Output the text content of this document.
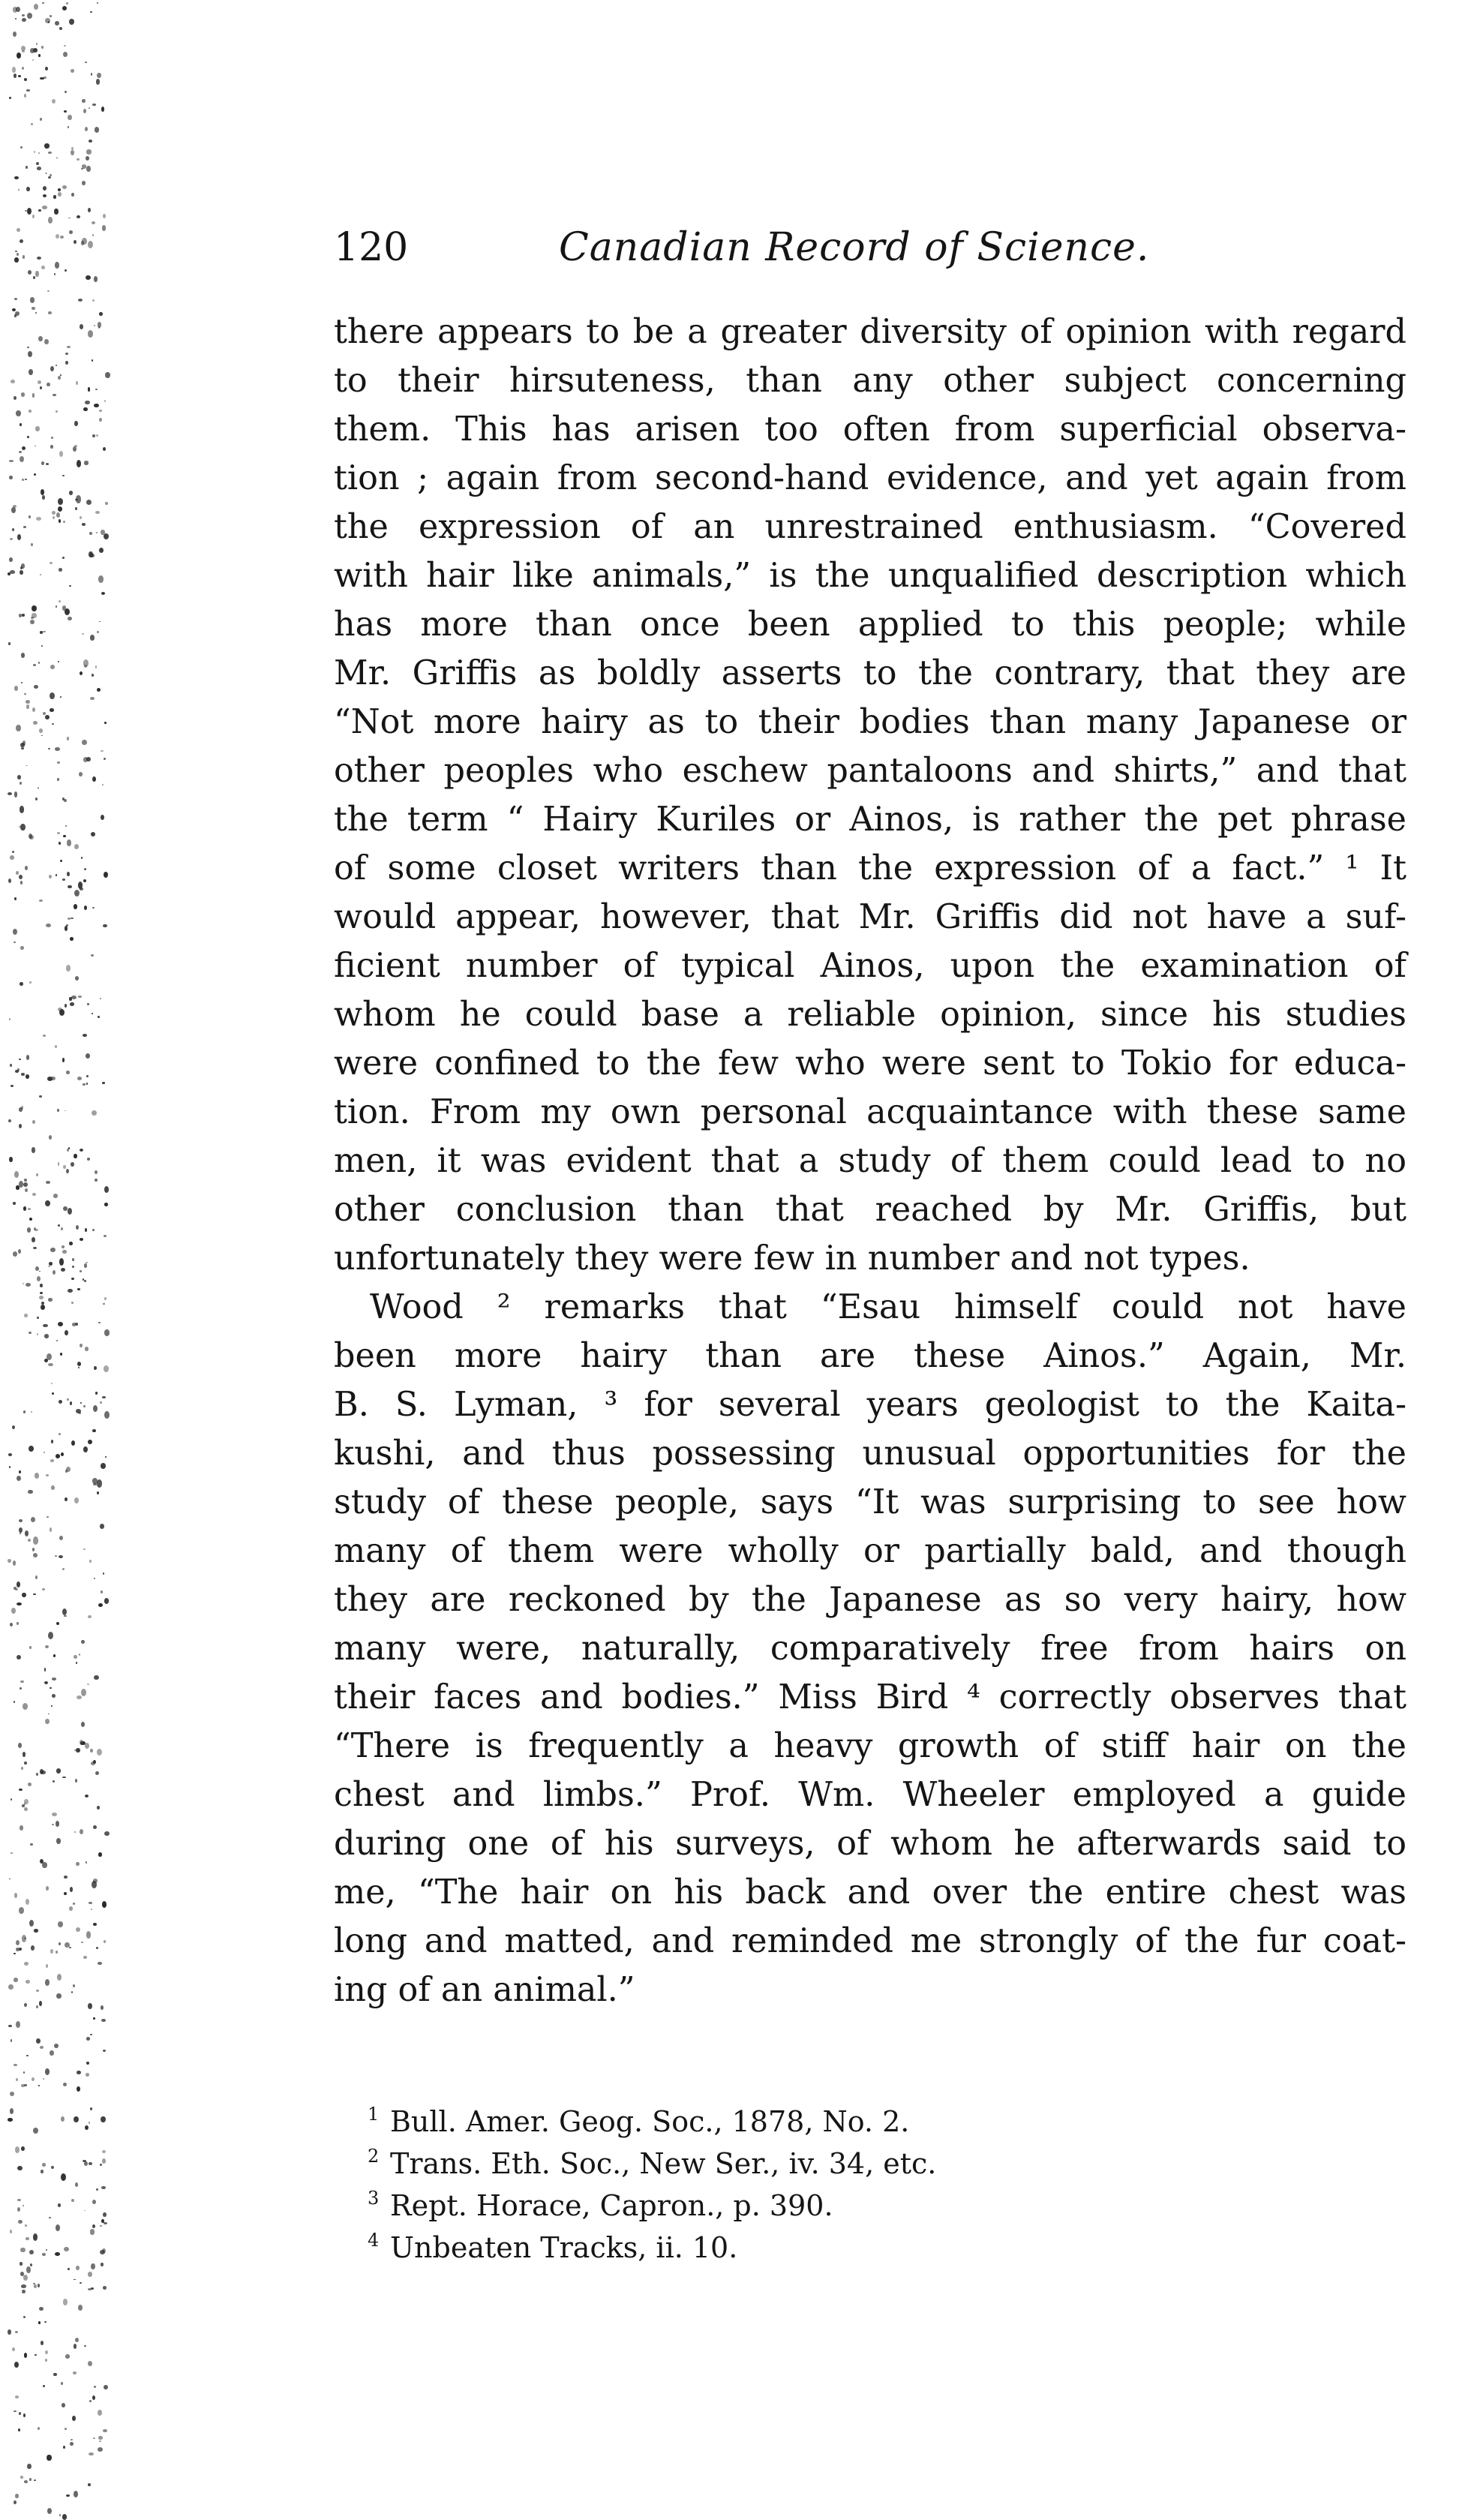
120	Canadian Record of Science.
there appears to be a greater diversity of opinion with regard
to their hirsuteness, than any other subject concerning
them. This has arisen too often from superficial observa-
tion ; again from second-hand evidence, and yet again from
the expression of an unrestrained enthusiasm. “Covered
with hair like animals,” is the unqualified description which
has more than once been applied to this people; while
Mr. Griffis as boldly asserts to the contrary, that they are
“Not more hairy as to their bodies than many Japanese or
other peoples who eschew pantaloons and shirts,” and that
the term “ Hairy Kuriles or Ainos, is rather the pet phrase
of some closet writers than the expression of a fact.” ¹ It
would appear, however, that Mr. Griffis did not have a suf-
ficient number of typical Ainos, upon the examination of
whom he could base a reliable opinion, since his studies
were confined to the few who were sent to Tokio for educa-
tion. From my own personal acquaintance with these same
men, it was evident that a study of them could lead to no
other conclusion than that reached by Mr. Griffis, but
unfortunately they were few in number and not types.
Wood ² remarks that “Esau himself could not have
been more hairy than are these Ainos.” Again, Mr.
B. S. Lyman, ³ for several years geologist to the Kaita-
kushi, and thus possessing unusual opportunities for the
study of these people, says “It was surprising to see how
many of them were wholly or partially bald, and though
they are reckoned by the Japanese as so very hairy, how
many were, naturally, comparatively free from hairs on
their faces and bodies.” Miss Bird ⁴ correctly observes that
“There is frequently a heavy growth of stiff hair on the
chest and limbs.” Prof. Wm. Wheeler employed a guide
during one of his surveys, of whom he afterwards said to
me, “The hair on his back and over the entire chest was
long and matted, and reminded me strongly of the fur coat-
ing of an animal.”
1 Bull. Amer. Geog. Soc., 1878, No. 2.
2 Trans. Eth. Soc., New Ser., iv. 34, etc.
3 Rept. Horace, Capron., p. 390.
4 Unbeaten Tracks, ii. 10.
